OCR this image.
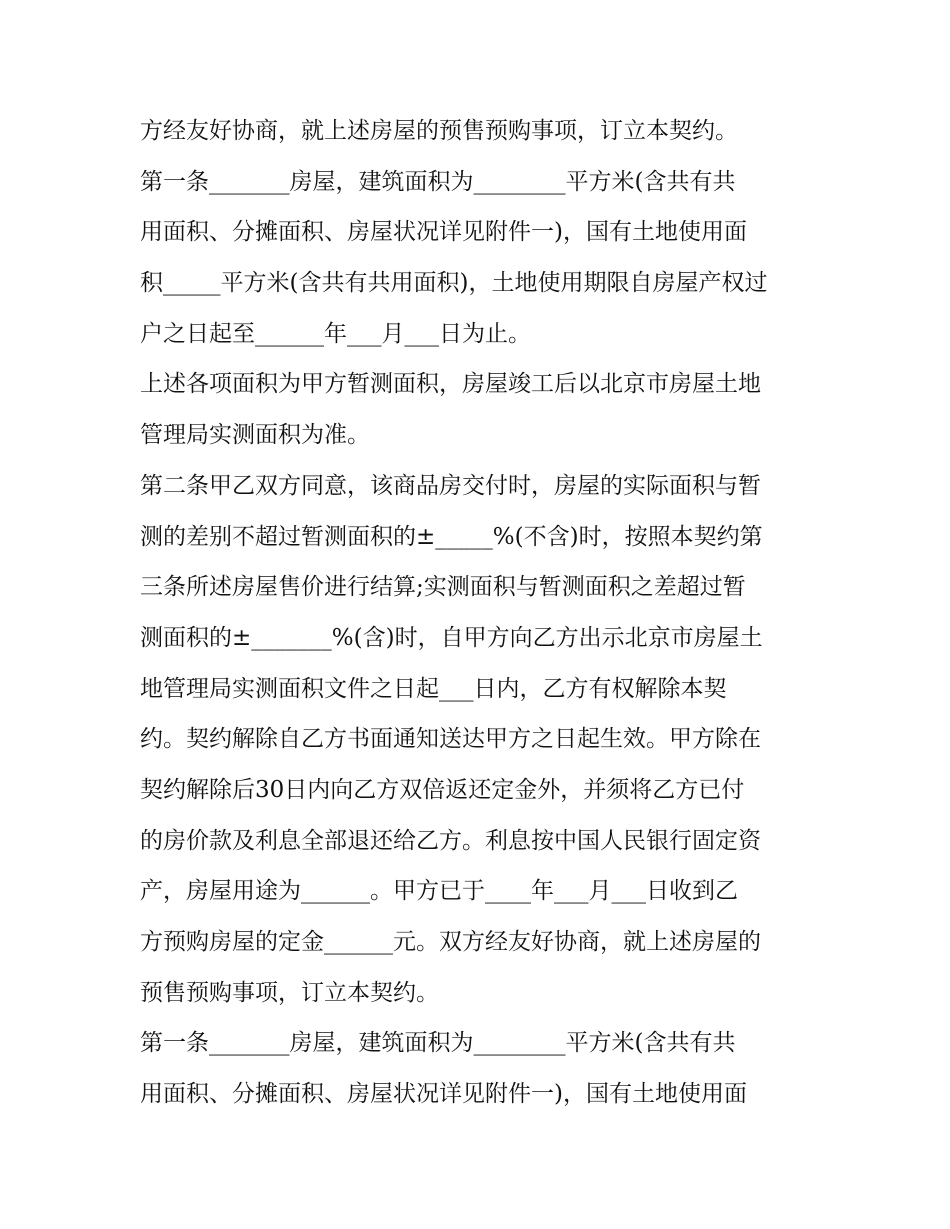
方经友好协商，就上述房屋的预售预购事项，订立本契约。
第一条_______房屋，建筑面积为________平方米(含共有共
用面积、分摊面积、房屋状况详见附件一)，国有土地使用面
积_____平方米(含共有共用面积)，土地使用期限自房屋产权过
户之日起至______年___月___日为止。
上述各项面积为甲方暂测面积，房屋竣工后以北京市房屋土地
管理局实测面积为准。
第二条甲乙双方同意，该商品房交付时，房屋的实际面积与暂
测的差别不超过暂测面积的±_____%(不含)时，按照本契约第
三条所述房屋售价进行结算;实测面积与暂测面积之差超过暂
测面积的±_______%(含)时，自甲方向乙方出示北京市房屋土
地管理局实测面积文件之日起___日内，乙方有权解除本契
约。契约解除自乙方书面通知送达甲方之日起生效。甲方除在
契约解除后30日内向乙方双倍返还定金外，并须将乙方已付
的房价款及利息全部退还给乙方。利息按中国人民银行固定资
产，房屋用途为______。甲方已于____年___月___日收到乙
方预购房屋的定金______元。双方经友好协商，就上述房屋的
预售预购事项，订立本契约。
第一条_______房屋，建筑面积为________平方米(含共有共
用面积、分摊面积、房屋状况详见附件一)，国有土地使用面
